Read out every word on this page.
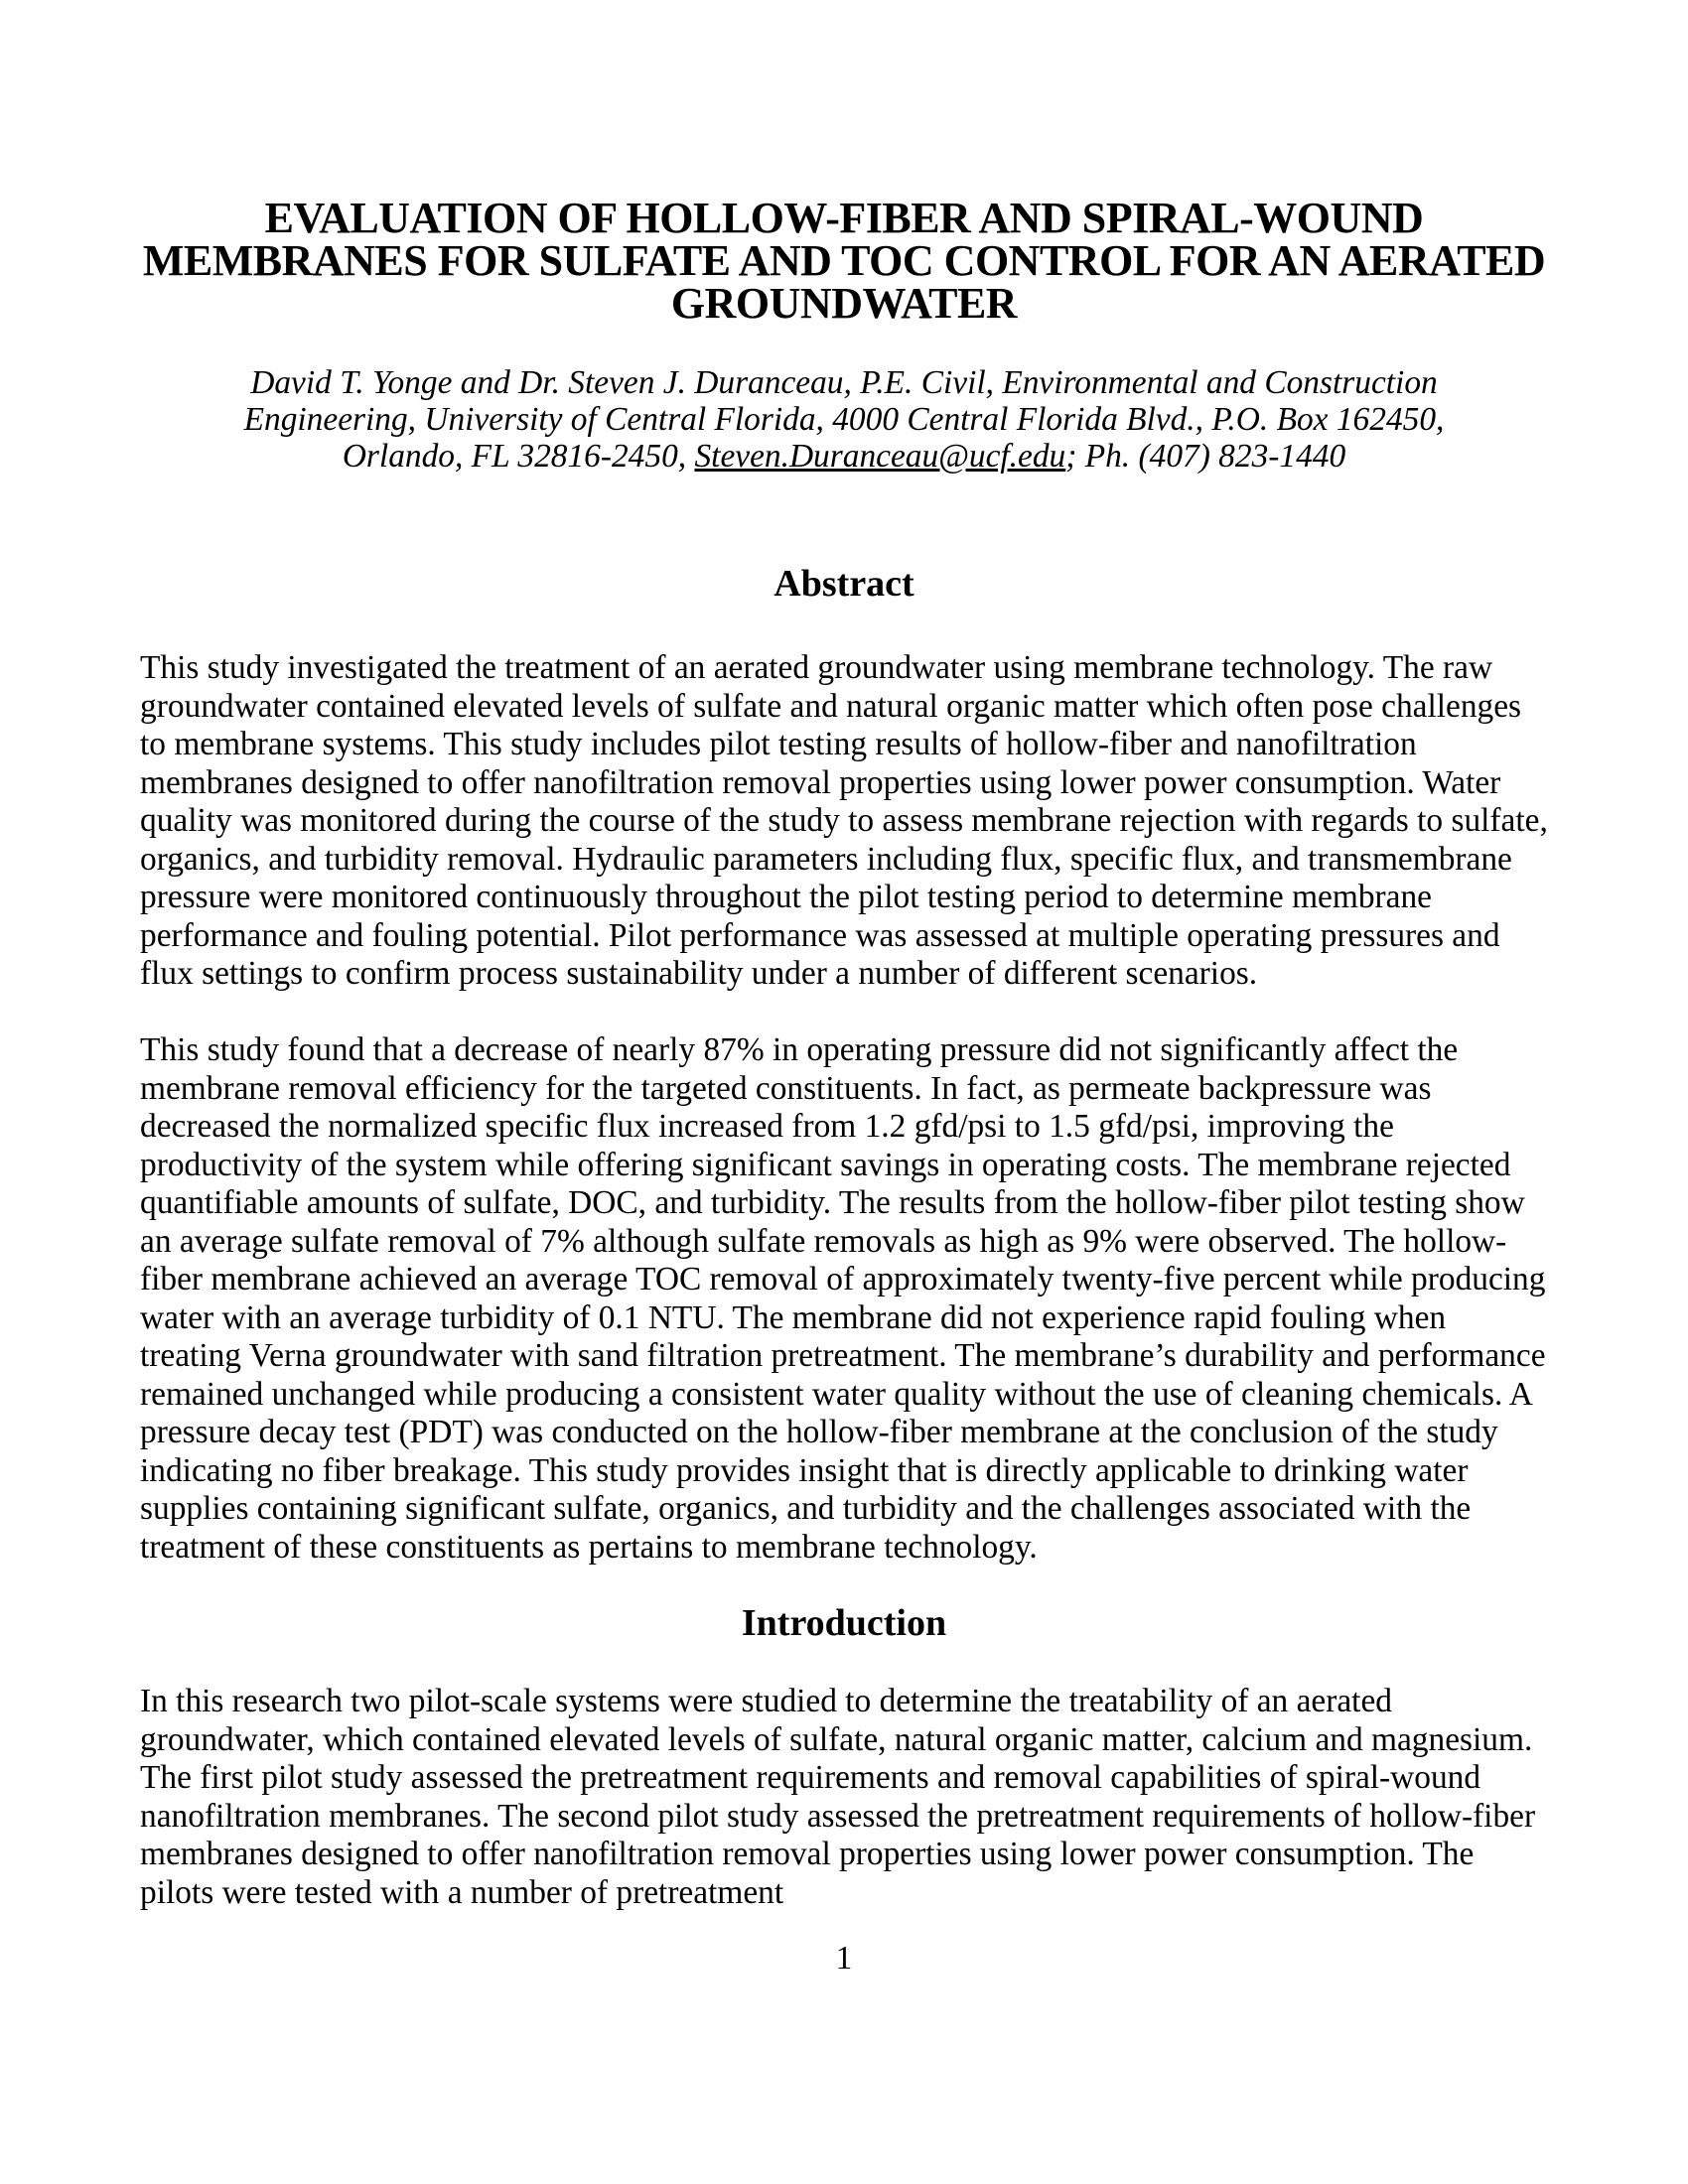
EVALUATION OF HOLLOW-FIBER AND SPIRAL-WOUND
MEMBRANES FOR SULFATE AND TOC CONTROL FOR AN AERATED
GROUNDWATER
David T. Yonge and Dr. Steven J. Duranceau, P.E. Civil, Environmental and Construction
Engineering, University of Central Florida, 4000 Central Florida Blvd., P.O. Box 162450,
Orlando, FL 32816-2450, Steven.Duranceau@ucf.edu; Ph. (407) 823-1440
Abstract

This study investigated the treatment of an aerated groundwater using membrane technology. The raw groundwater contained elevated levels of sulfate and natural organic matter which often pose challenges to membrane systems. This study includes pilot testing results of hollow-fiber and nanofiltration membranes designed to offer nanofiltration removal properties using lower power consumption. Water quality was monitored during the course of the study to assess membrane rejection with regards to sulfate, organics, and turbidity removal. Hydraulic parameters including flux, specific flux, and transmembrane pressure were monitored continuously throughout the pilot testing period to determine membrane performance and fouling potential. Pilot performance was assessed at multiple operating pressures and flux settings to confirm process sustainability under a number of different scenarios.

This study found that a decrease of nearly 87% in operating pressure did not significantly affect the membrane removal efficiency for the targeted constituents. In fact, as permeate backpressure was decreased the normalized specific flux increased from 1.2 gfd/psi to 1.5 gfd/psi, improving the productivity of the system while offering significant savings in operating costs. The membrane rejected quantifiable amounts of sulfate, DOC, and turbidity. The results from the hollow-fiber pilot testing show an average sulfate removal of 7% although sulfate removals as high as 9% were observed. The hollow-fiber membrane achieved an average TOC removal of approximately twenty-five percent while producing water with an average turbidity of 0.1 NTU. The membrane did not experience rapid fouling when treating Verna groundwater with sand filtration pretreatment. The membrane’s durability and performance remained unchanged while producing a consistent water quality without the use of cleaning chemicals. A pressure decay test (PDT) was conducted on the hollow-fiber membrane at the conclusion of the study indicating no fiber breakage. This study provides insight that is directly applicable to drinking water supplies containing significant sulfate, organics, and turbidity and the challenges associated with the treatment of these constituents as pertains to membrane technology.

Introduction

In this research two pilot-scale systems were studied to determine the treatability of an aerated groundwater, which contained elevated levels of sulfate, natural organic matter, calcium and magnesium. The first pilot study assessed the pretreatment requirements and removal capabilities of spiral-wound nanofiltration membranes. The second pilot study assessed the pretreatment requirements of hollow-fiber membranes designed to offer nanofiltration removal properties using lower power consumption. The pilots were tested with a number of pretreatment

1
